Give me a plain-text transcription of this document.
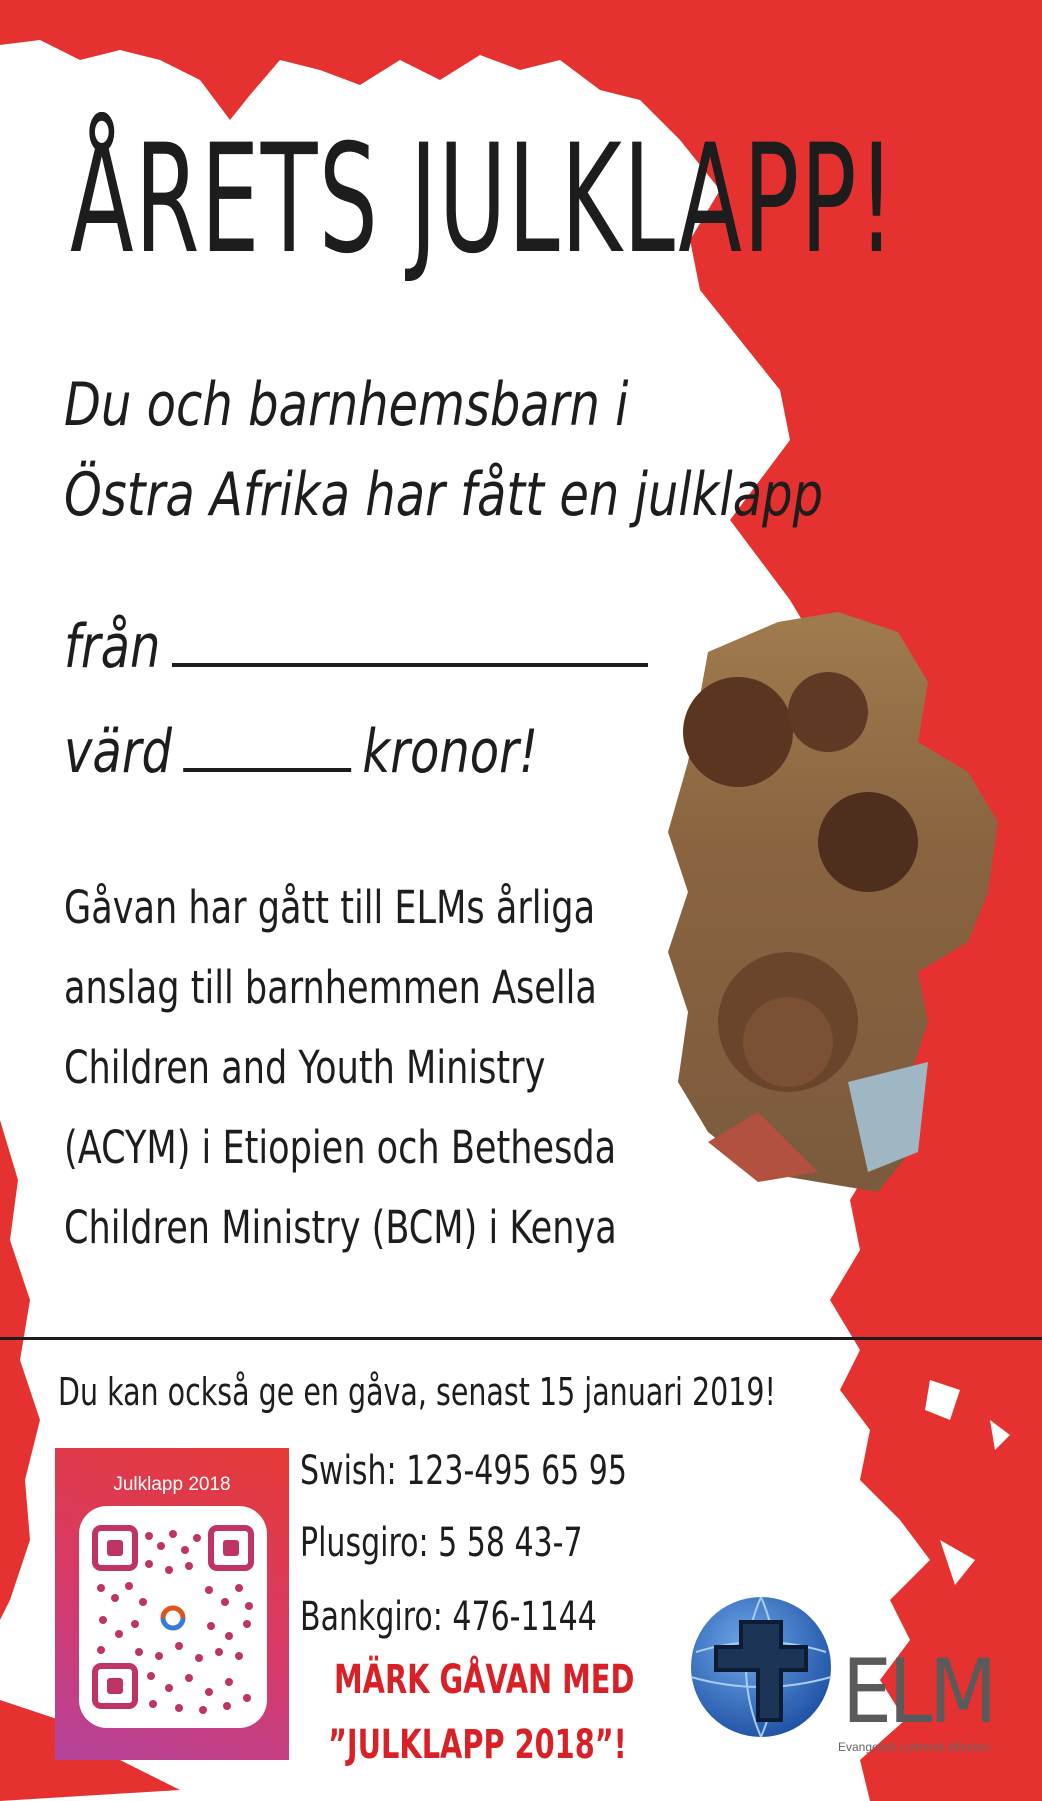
ÅRETS JULKLAPP!
Du och barnhemsbarn i
Östra Afrika har fått en julklapp
från
värd	kronor!
Gåvan har gått till ELMs årliga
anslag till barnhemmen Asella
Children and Youth Ministry
(ACYM) i Etiopien och Bethesda
Children Ministry (BCM) i Kenya
Du kan också ge en gåva, senast 15 januari 2019!
Julklapp 2018	Swish: 123-495 65 95
Plusgiro: 5 58 43-7
Bankgiro: 476-1144
MÄRK GÅVAN MED
”JULKLAPP 2018”!
ELM
Evangelisk Luthersk Mission
